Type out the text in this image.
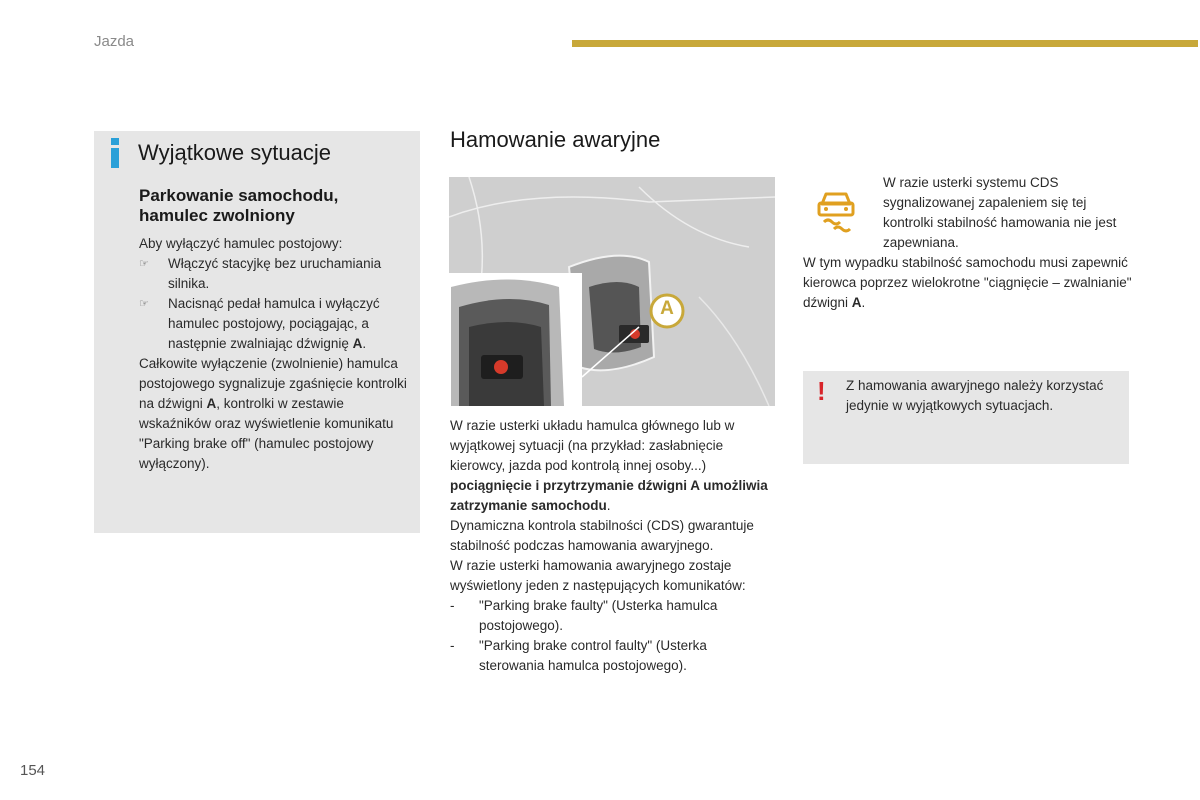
Jazda
Wyjątkowe sytuacje
Parkowanie samochodu,
hamulec zwolniony
Aby wyłączyć hamulec postojowy:
☞ Włączyć stacyjkę bez uruchamiania silnika.
☞ Nacisnąć pedał hamulca i wyłączyć hamulec postojowy, pociągając, a następnie zwalniając dźwignię A.
Całkowite wyłączenie (zwolnienie) hamulca postojowego sygnalizuje zgaśnięcie kontrolki na dźwigni A, kontrolki w zestawie wskaźników oraz wyświetlenie komunikatu "Parking brake off" (hamulec postojowy wyłączony).
Hamowanie awaryjne
A
W razie usterki układu hamulca głównego lub w wyjątkowej sytuacji (na przykład: zasłabnięcie kierowcy, jazda pod kontrolą innej osoby...) pociągnięcie i przytrzymanie dźwigni A umożliwia zatrzymanie samochodu.
Dynamiczna kontrola stabilności (CDS) gwarantuje stabilność podczas hamowania awaryjnego.
W razie usterki hamowania awaryjnego zostaje wyświetlony jeden z następujących komunikatów:
- "Parking brake faulty" (Usterka hamulca postojowego).
- "Parking brake control faulty" (Usterka sterowania hamulca postojowego).
W razie usterki systemu CDS sygnalizowanej zapaleniem się tej kontrolki stabilność hamowania nie jest zapewniana.
W tym wypadku stabilność samochodu musi zapewnić kierowca poprzez wielokrotne "ciągnięcie – zwalnianie" dźwigni A.
! Z hamowania awaryjnego należy korzystać jedynie w wyjątkowych sytuacjach.
154
